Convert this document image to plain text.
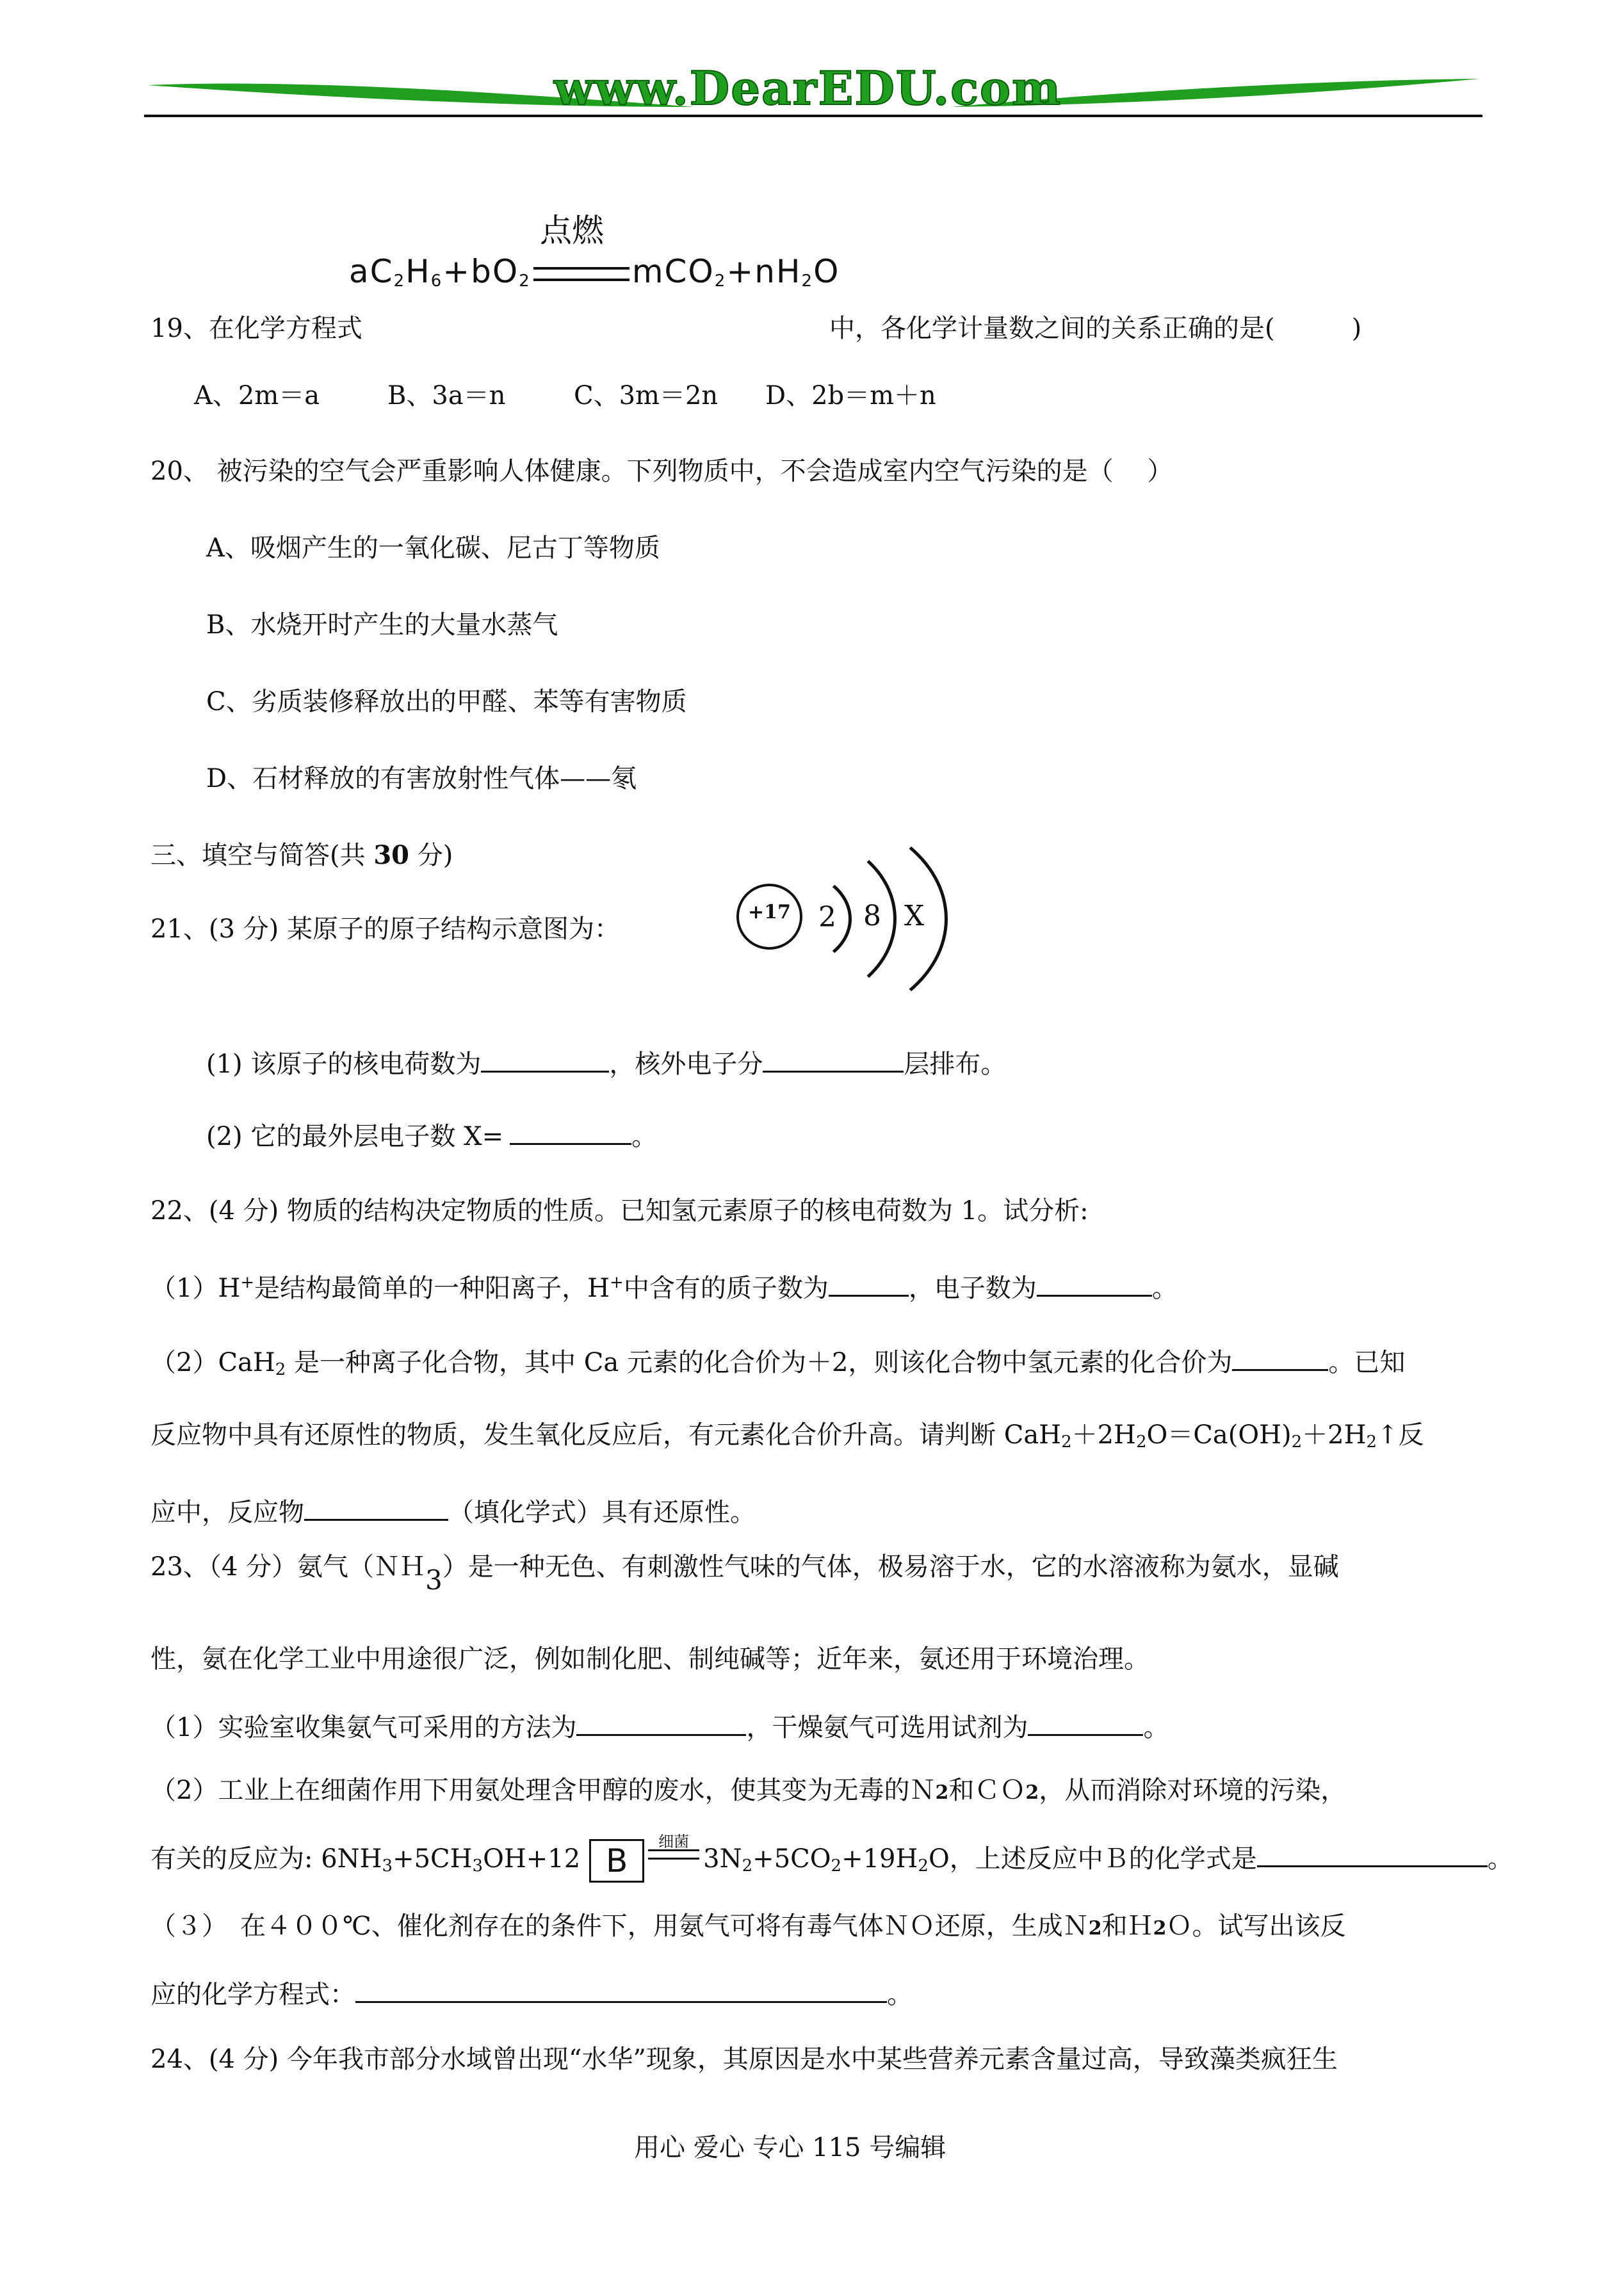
www.DearEDU.com
点燃
$aC_2H_6+bO_2$	$mCO_2+nH_2O$
19、在化学方程式	中，各化学计量数之间的关系正确的是(　　　)
A、2m＝a	B、3a＝n	C、3m＝2n D、2b＝m＋n
20、 被污染的空气会严重影响人体健康。下列物质中，不会造成室内空气污染的是（　 ）
A、吸烟产生的一氧化碳、尼古丁等物质
B、水烧开时产生的大量水蒸气
C、劣质装修释放出的甲醛、苯等有害物质
D、石材释放的有害放射性气体——氡
三、填空与简答(共 30 分)
21、(3 分) 某原子的原子结构示意图为：
+17 2 8 X
(1) 该原子的核电荷数为	，核外电子分	层排布。
(2) 它的最外层电子数 X=	。
22、(4 分) 物质的结构决定物质的性质。已知氢元素原子的核电荷数为 1。试分析:
（1）H+是结构最简单的一种阳离子，H+中含有的质子数为	，电子数为	。
（2）CaH$_2$ 是一种离子化合物，其中 Ca 元素的化合价为＋2，则该化合物中氢元素的化合价为	。已知
反应物中具有还原性的物质，发生氧化反应后，有元素化合价升高。请判断 $CaH_2+2H_2O=Ca(OH)_2+2H_2↑$反
应中，反应物	（填化学式）具有还原性。
23、（4 分）氨气（ＮＨ3）是一种无色、有刺激性气味的气体，极易溶于水，它的水溶液称为氨水，显碱
性，氨在化学工业中用途很广泛，例如制化肥、制纯碱等；近年来，氨还用于环境治理。
（1）实验室收集氨气可采用的方法为	，干燥氨气可选用试剂为	。
（2）工业上在细菌作用下用氨处理含甲醇的废水，使其变为无毒的Ｎ2和ＣＯ2，从而消除对环境的污染，
有关的反应为: $6NH_3+5CH_3OH+12$ B
细菌
$3N_2+5CO_2+19H_2O$，上述反应中Ｂ的化学式是	。
（３）　在４００℃、催化剂存在的条件下，用氨气可将有毒气体ＮＯ还原，生成Ｎ2和Ｈ2Ｏ。试写出该反
应的化学方程式：	。
24、(4 分) 今年我市部分水域曾出现“水华”现象，其原因是水中某些营养元素含量过高，导致藻类疯狂生
用心 爱心 专心 115 号编辑
